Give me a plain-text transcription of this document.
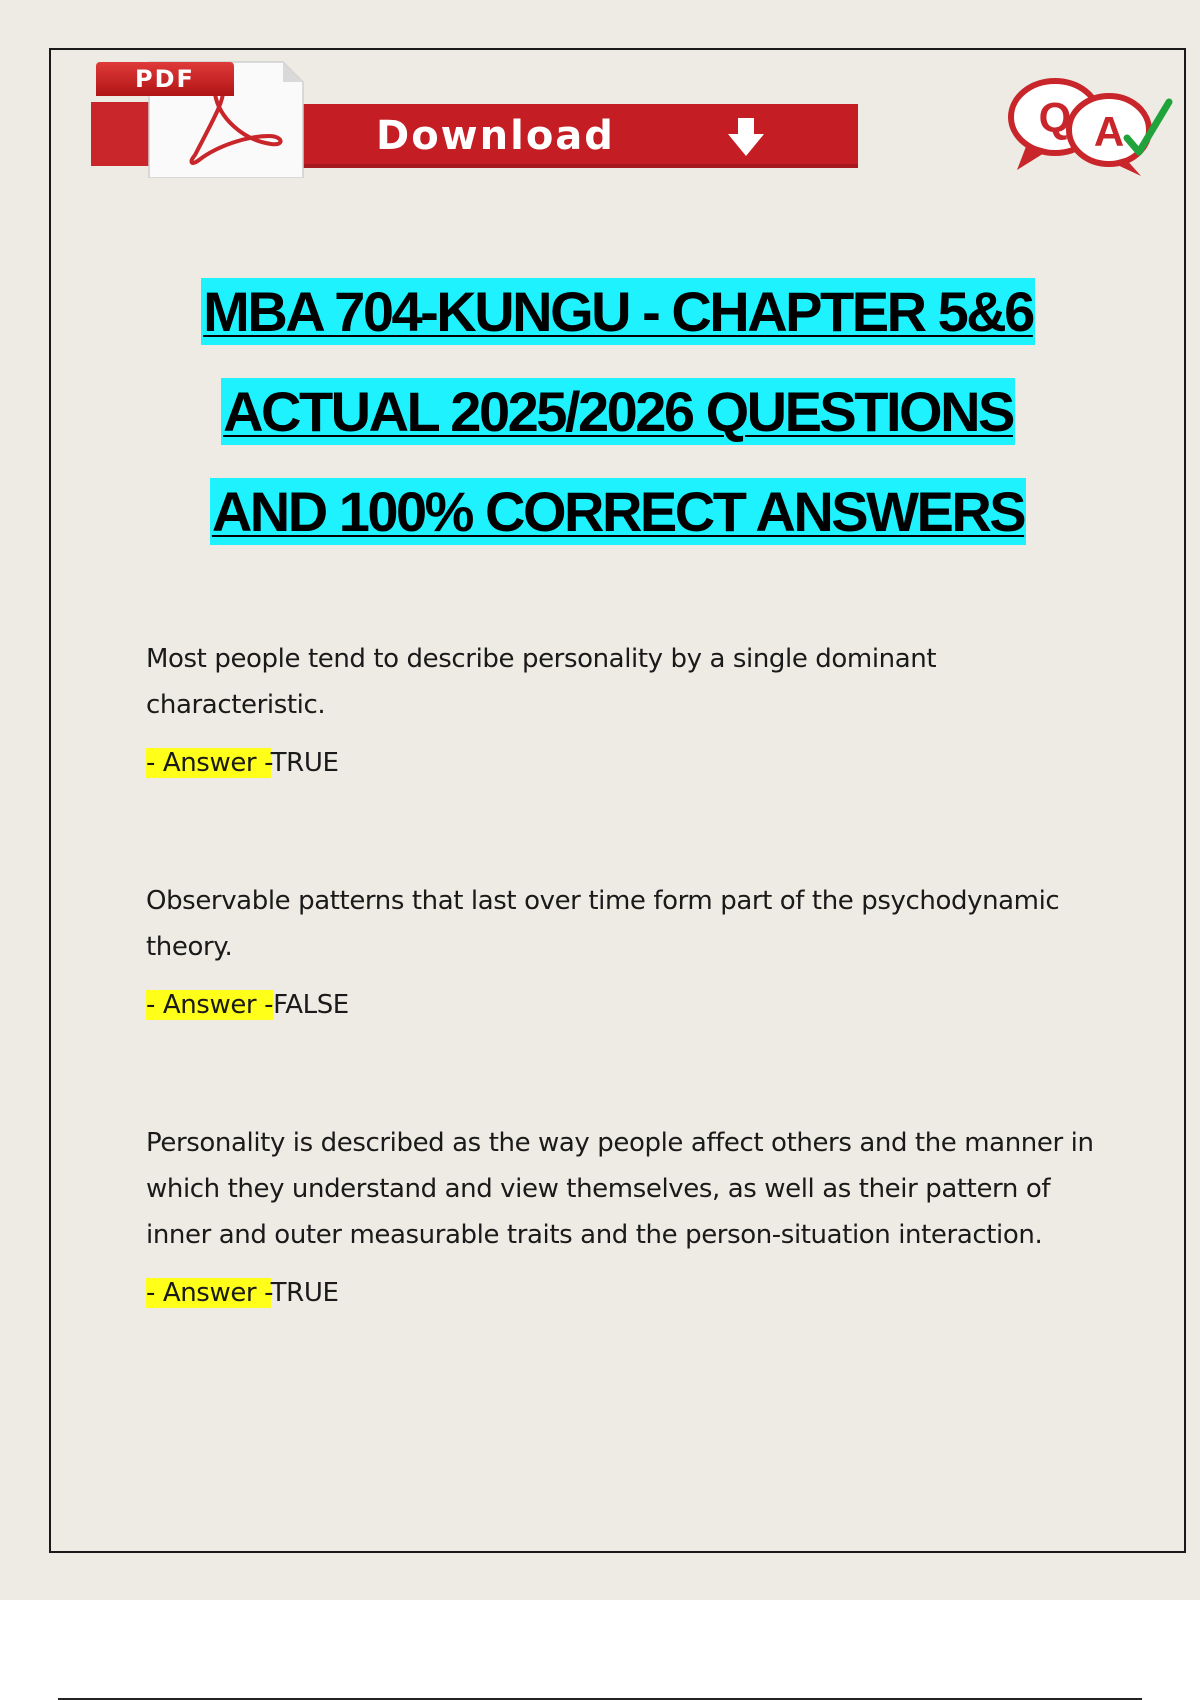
Download
PDF
Q A
MBA 704-KUNGU - CHAPTER 5&6
ACTUAL 2025/2026 QUESTIONS
AND 100% CORRECT ANSWERS

Most people tend to describe personality by a single dominant characteristic.

- Answer -TRUE

Observable patterns that last over time form part of the psychodynamic theory.

- Answer -FALSE

Personality is described as the way people affect others and the manner in which they understand and view themselves, as well as their pattern of inner and outer measurable traits and the person-situation interaction.

- Answer -TRUE
